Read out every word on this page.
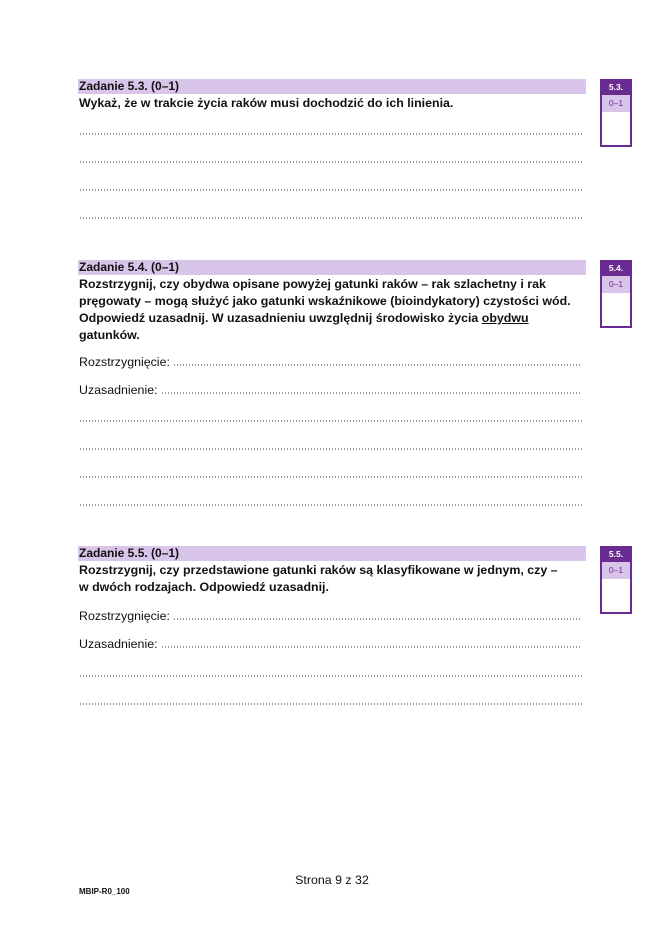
Zadanie 5.3. (0–1)
Wykaż, że w trakcie życia raków musi dochodzić do ich linienia.
5.3.
0–1
Zadanie 5.4. (0–1)
Rozstrzygnij, czy obydwa opisane powyżej gatunki raków – rak szlachetny i rak
pręgowaty – mogą służyć jako gatunki wskaźnikowe (bioindykatory) czystości wód.
Odpowiedź uzasadnij. W uzasadnieniu uwzględnij środowisko życia obydwu
gatunków.
Rozstrzygnięcie:
Uzasadnienie:
5.4.
0–1
Zadanie 5.5. (0–1)
Rozstrzygnij, czy przedstawione gatunki raków są klasyfikowane w jednym, czy –
w dwóch rodzajach. Odpowiedź uzasadnij.
Rozstrzygnięcie:
Uzasadnienie:
5.5.
0–1
Strona 9 z 32
MBIP-R0_100
